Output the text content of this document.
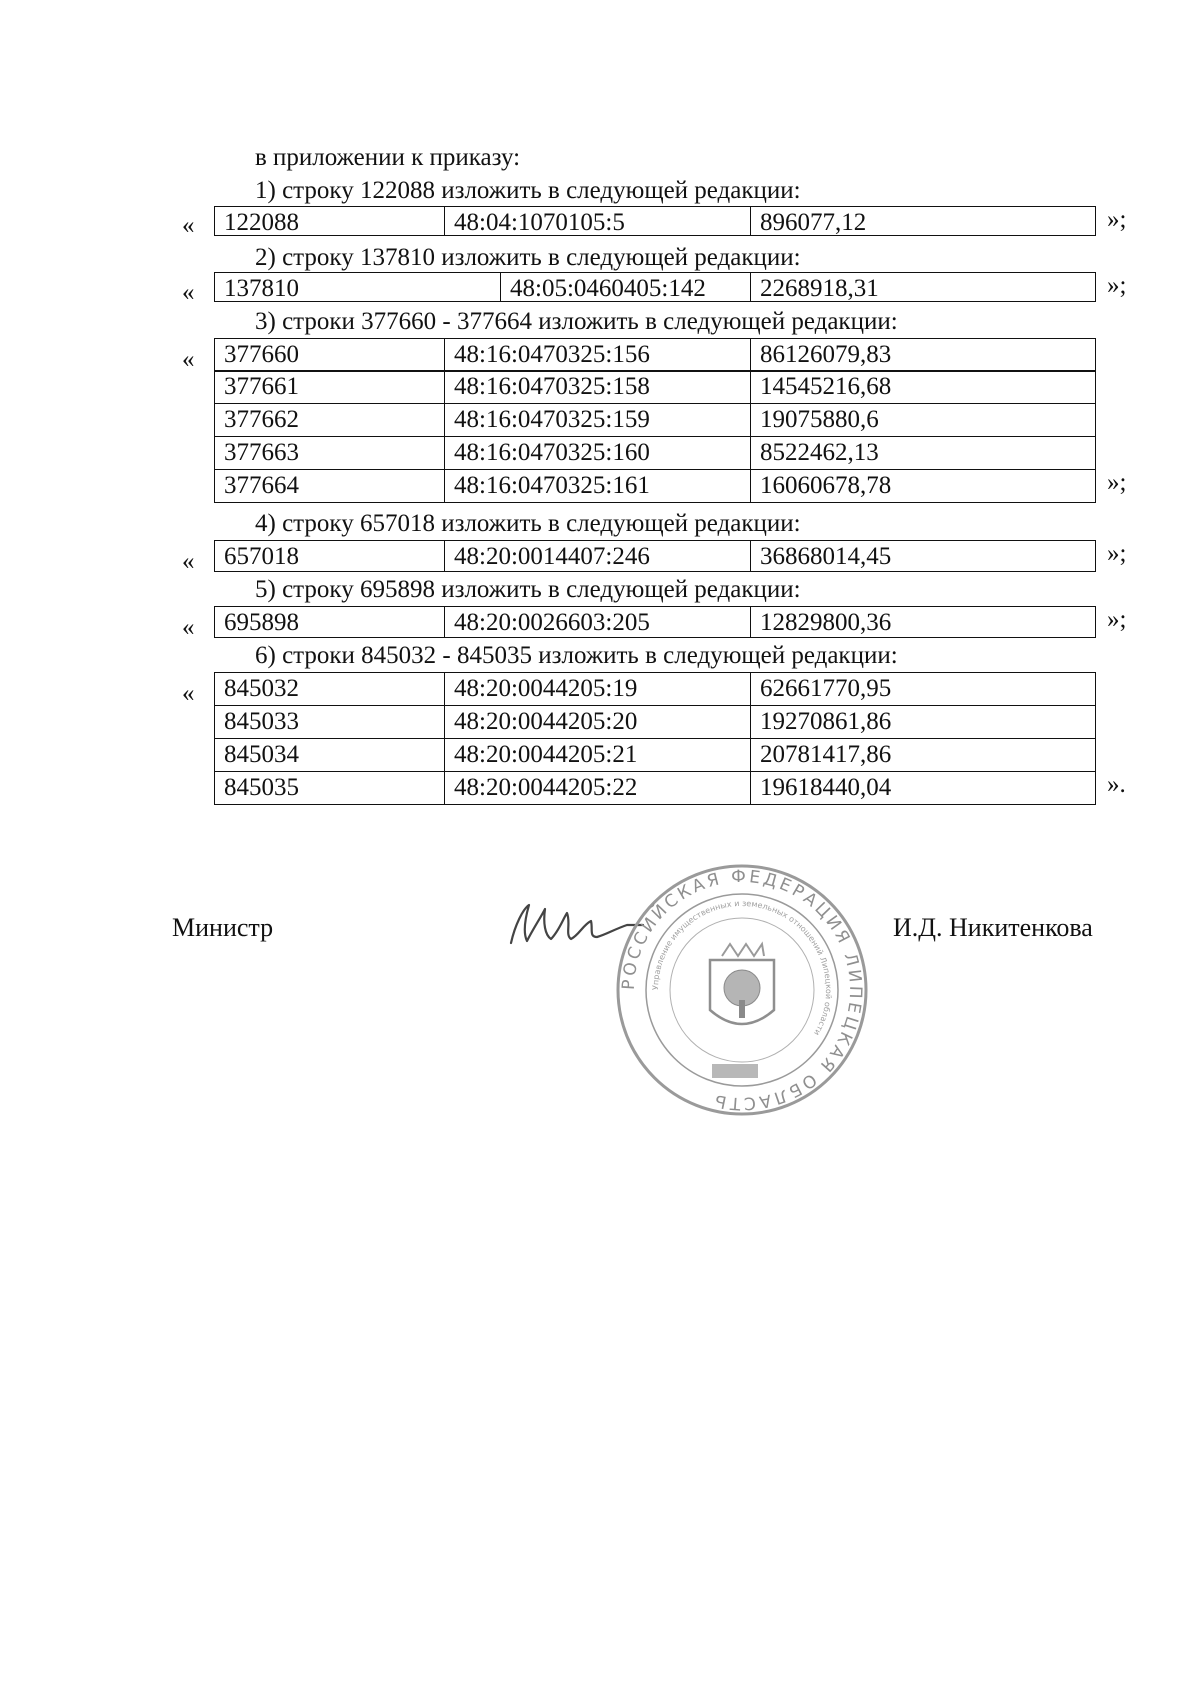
в приложении к приказу:
1) строку 122088 изложить в следующей редакции:
«	122088	48:04:1070105:5	896077,12	»;
2) строку 137810 изложить в следующей редакции:
«	137810	48:05:0460405:142	2268918,31	»;
3) строки 377660 - 377664 изложить в следующей редакции:
«	377660	48:16:0470325:156	86126079,83
377661	48:16:0470325:158	14545216,68
377662	48:16:0470325:159	19075880,6
377663	48:16:0470325:160	8522462,13
377664	48:16:0470325:161	16060678,78	»;
4) строку 657018 изложить в следующей редакции:
«	657018	48:20:0014407:246	36868014,45	»;
5) строку 695898 изложить в следующей редакции:
«	695898	48:20:0026603:205	12829800,36	»;
6) строки 845032 - 845035 изложить в следующей редакции:
«	845032	48:20:0044205:19	62661770,95
845033	48:20:0044205:20	19270861,86
845034	48:20:0044205:21	20781417,86
845035	48:20:0044205:22	19618440,04	».
Министр
РОССИЙСКАЯ ФЕДЕРАЦИЯ ЛИПЕЦКАЯ ОБЛАСТЬ
Управление имущественных и земельных отношений Липецкой области
И.Д. Никитенкова
